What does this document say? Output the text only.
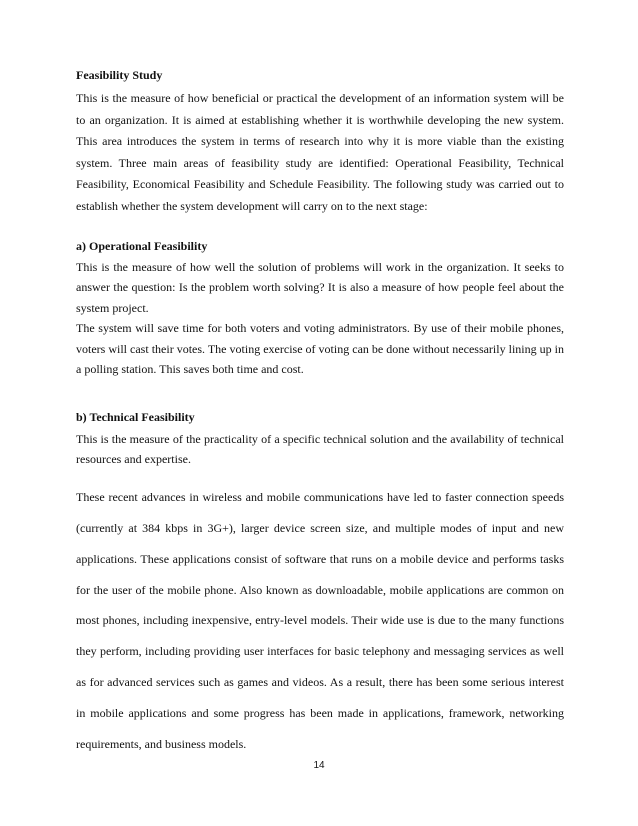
Feasibility Study

This is the measure of how beneficial or practical the development of an information system will be to an organization. It is aimed at establishing whether it is worthwhile developing the new system. This area introduces the system in terms of research into why it is more viable than the existing system. Three main areas of feasibility study are identified: Operational Feasibility, Technical Feasibility, Economical Feasibility and Schedule Feasibility. The following study was carried out to establish whether the system development will carry on to the next stage:

a) Operational Feasibility

This is the measure of how well the solution of problems will work in the organization. It seeks to answer the question: Is the problem worth solving? It is also a measure of how people feel about the system project.

The system will save time for both voters and voting administrators. By use of their mobile phones, voters will cast their votes. The voting exercise of voting can be done without necessarily lining up in a polling station. This saves both time and cost.

b) Technical Feasibility

This is the measure of the practicality of a specific technical solution and the availability of technical resources and expertise.

These recent advances in wireless and mobile communications have led to faster connection speeds (currently at 384 kbps in 3G+), larger device screen size, and multiple modes of input and new applications. These applications consist of software that runs on a mobile device and performs tasks for the user of the mobile phone. Also known as downloadable, mobile applications are common on most phones, including inexpensive, entry-level models. Their wide use is due to the many functions they perform, including providing user interfaces for basic telephony and messaging services as well as for advanced services such as games and videos. As a result, there has been some serious interest in mobile applications and some progress has been made in applications, framework, networking requirements, and business models.

14
